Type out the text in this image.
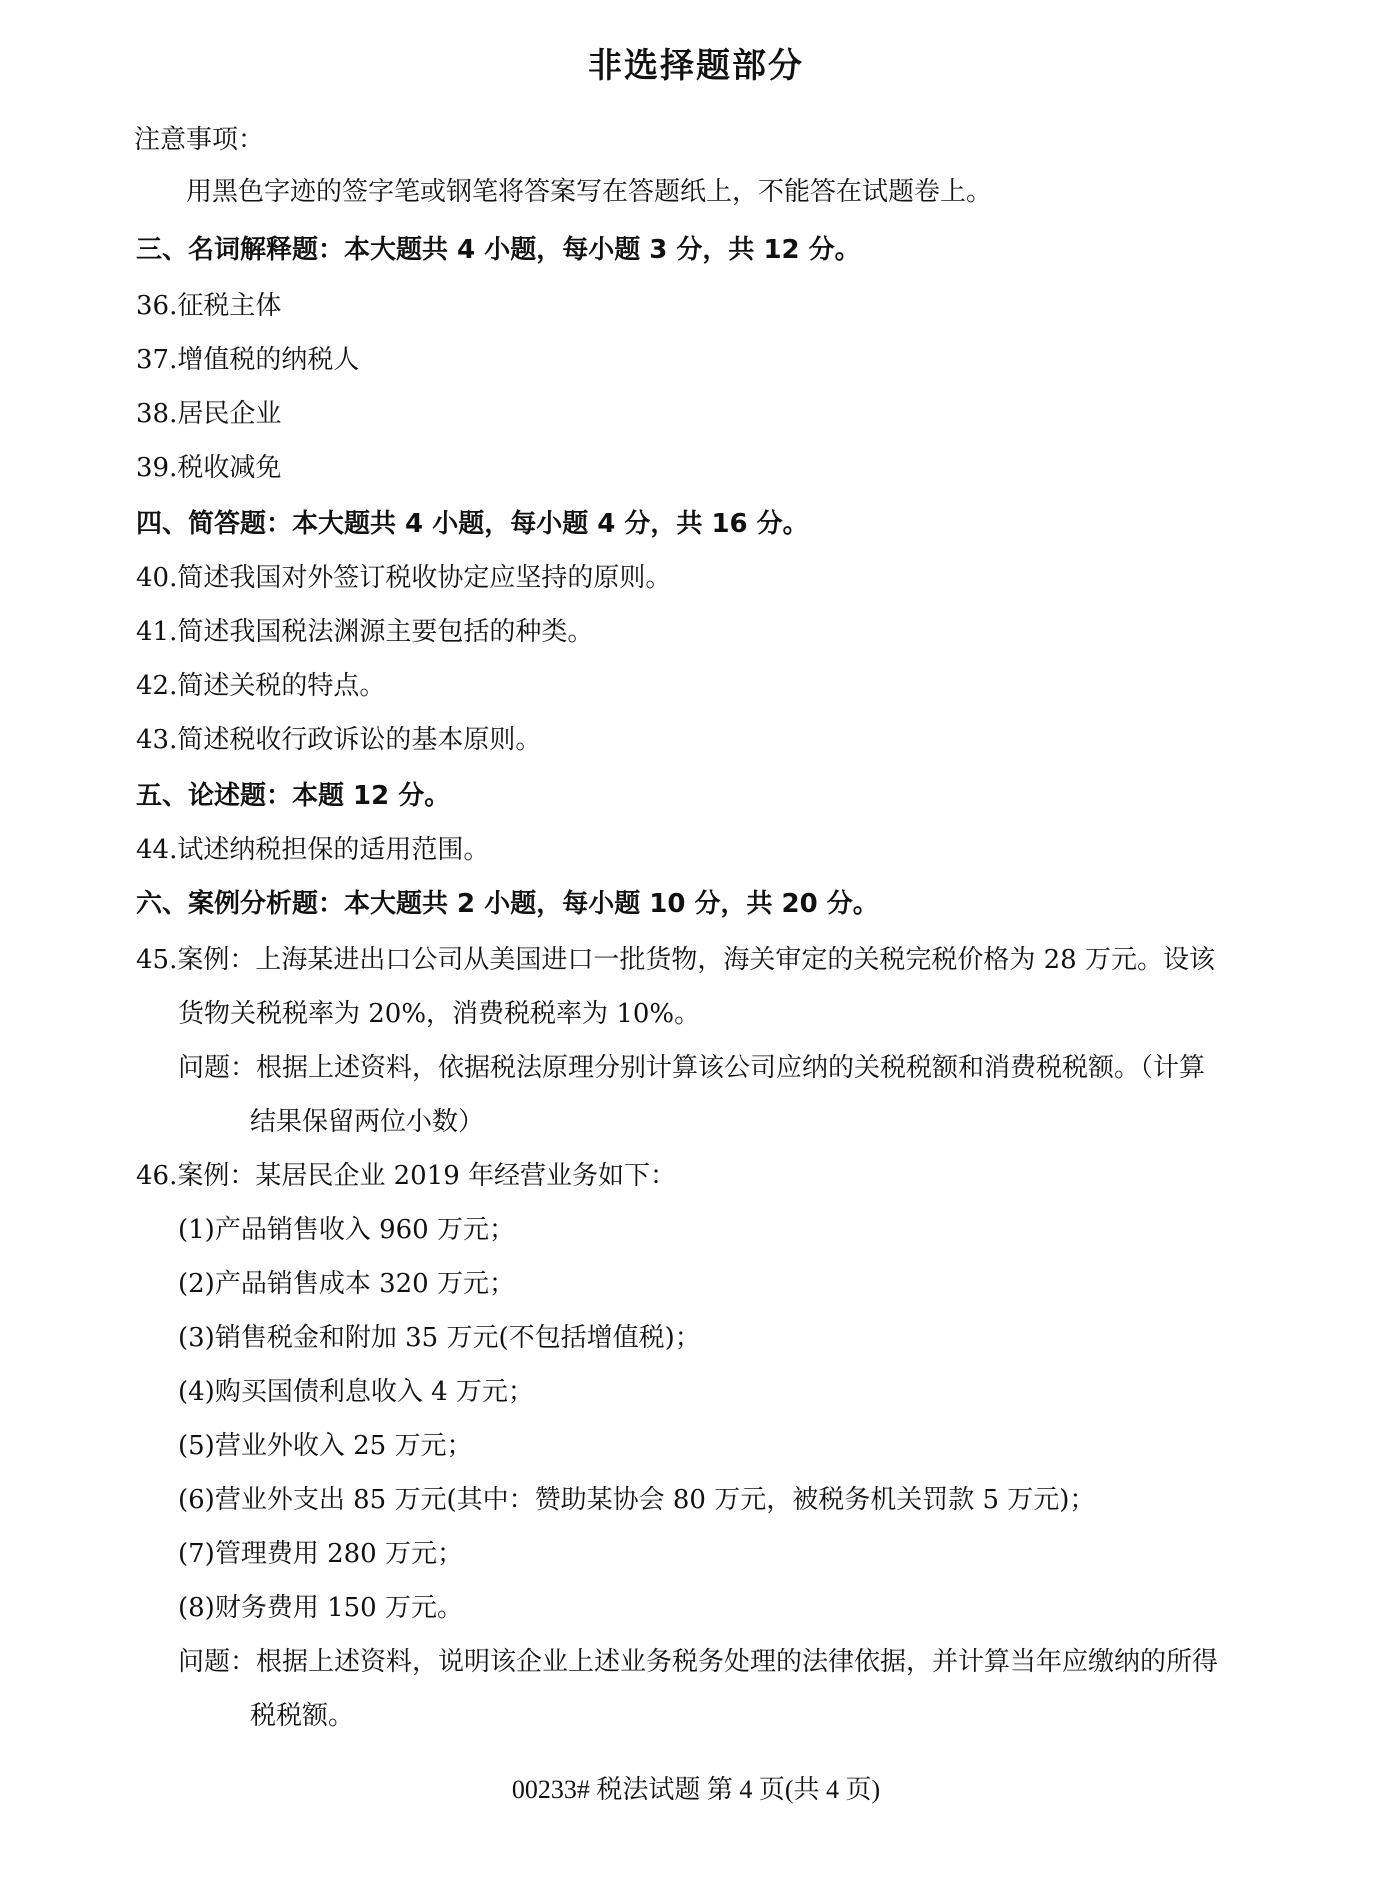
非选择题部分
注意事项：
用黑色字迹的签字笔或钢笔将答案写在答题纸上，不能答在试题卷上。
三、名词解释题：本大题共 4 小题，每小题 3 分，共 12 分。
36.征税主体
37.增值税的纳税人
38.居民企业
39.税收减免
四、简答题：本大题共 4 小题，每小题 4 分，共 16 分。
40.简述我国对外签订税收协定应坚持的原则。
41.简述我国税法渊源主要包括的种类。
42.简述关税的特点。
43.简述税收行政诉讼的基本原则。
五、论述题：本题 12 分。
44.试述纳税担保的适用范围。
六、案例分析题：本大题共 2 小题，每小题 10 分，共 20 分。
45.案例：上海某进出口公司从美国进口一批货物，海关审定的关税完税价格为 28 万元。设该
货物关税税率为 20%，消费税税率为 10%。
问题：根据上述资料，依据税法原理分别计算该公司应纳的关税税额和消费税税额。（计算
结果保留两位小数）
46.案例：某居民企业 2019 年经营业务如下：
(1)产品销售收入 960 万元；
(2)产品销售成本 320 万元；
(3)销售税金和附加 35 万元(不包括增值税)；
(4)购买国债利息收入 4 万元；
(5)营业外收入 25 万元；
(6)营业外支出 85 万元(其中：赞助某协会 80 万元，被税务机关罚款 5 万元)；
(7)管理费用 280 万元；
(8)财务费用 150 万元。
问题：根据上述资料，说明该企业上述业务税务处理的法律依据，并计算当年应缴纳的所得
税税额。
00233# 税法试题 第 4 页(共 4 页)
